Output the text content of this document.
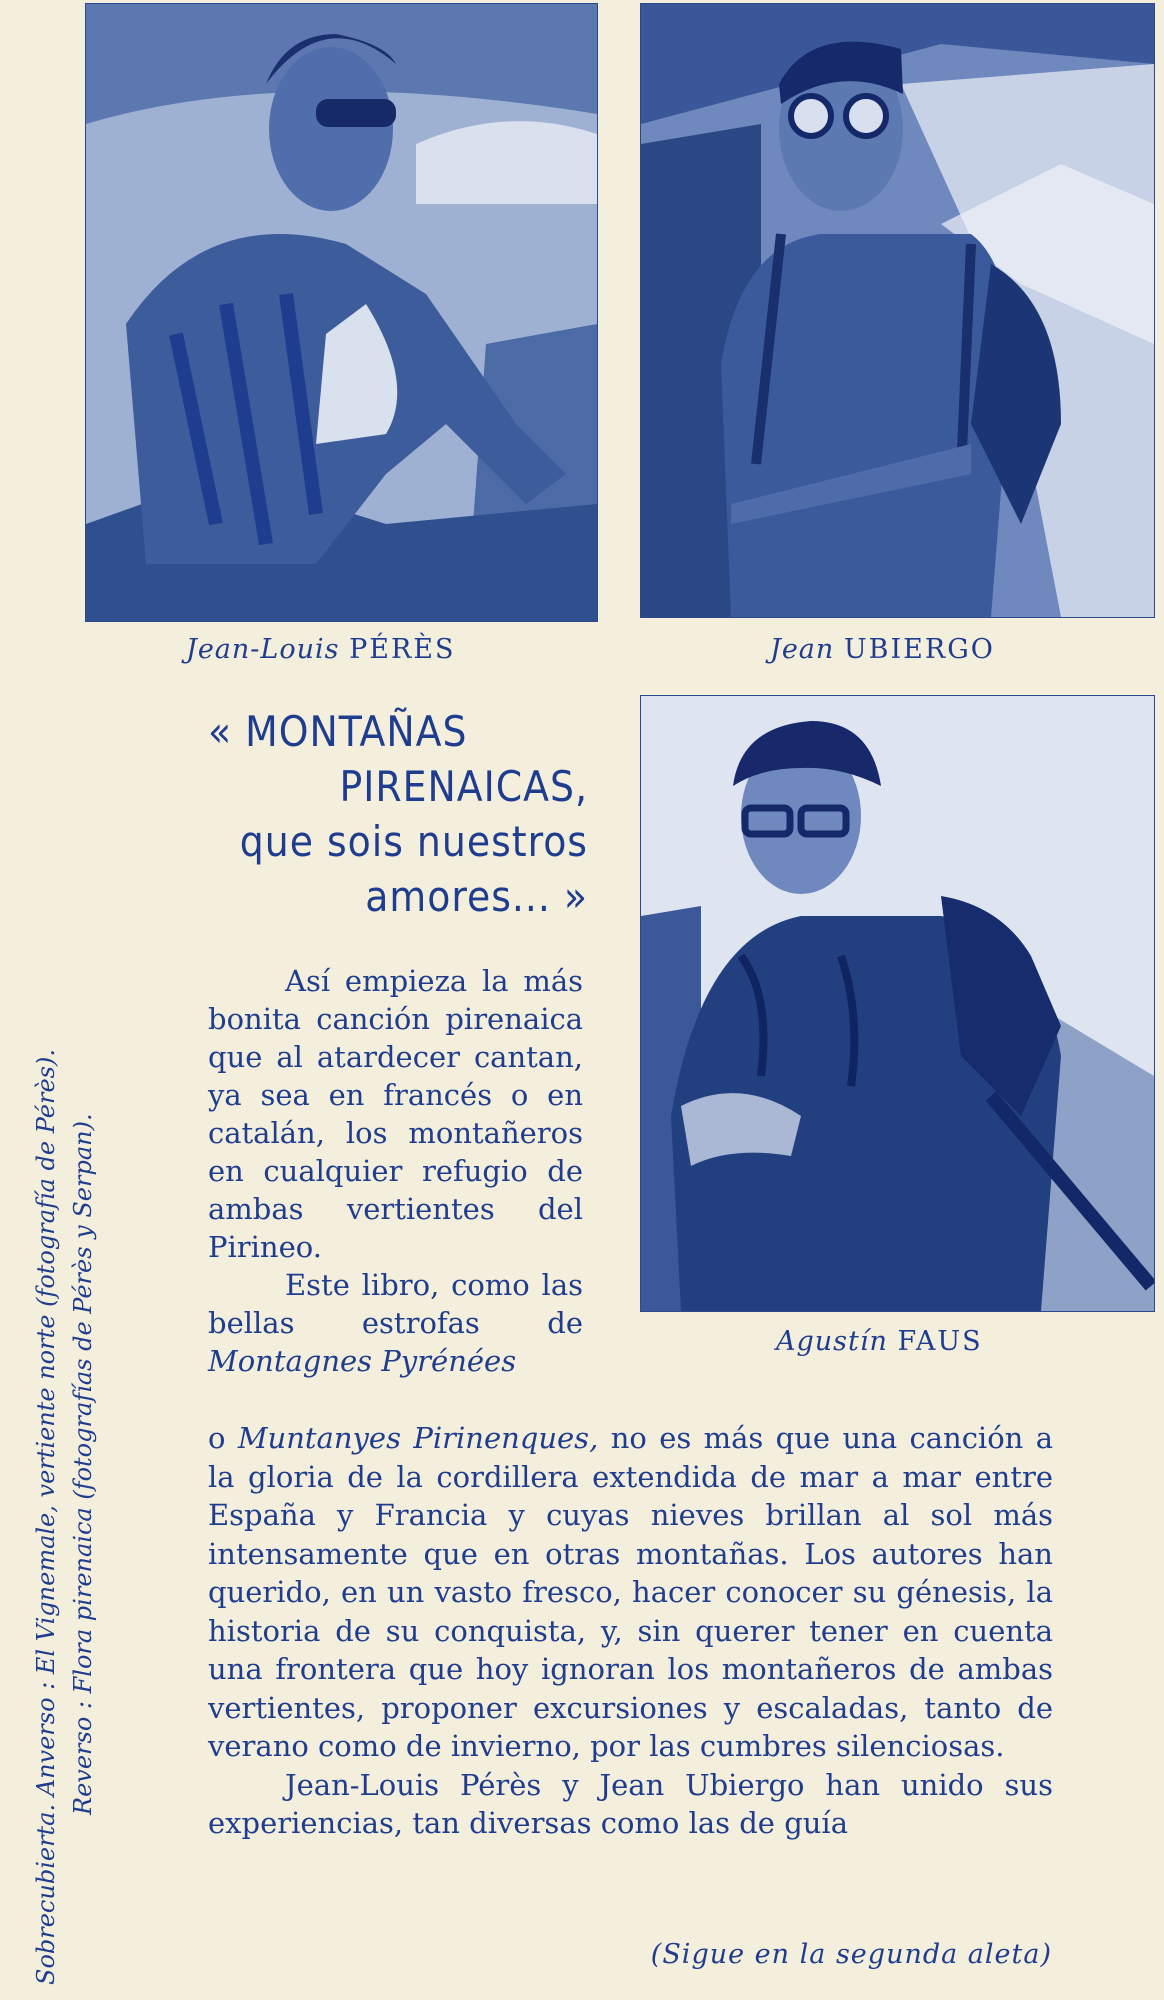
Jean-Louis PÉRÈS	Jean UBIERGO
Agustín FAUS
Sobrecubierta. Anverso : El Vignemale, vertiente norte (fotografía de Pérès). Reverso : Flora pirenaica (fotografías de Pérès y Serpan).
« MONTAÑAS
PIRENAICAS,
que sois nuestros
amores... »

Así empieza la más bonita canción pirenaica que al atardecer cantan, ya sea en francés o en catalán, los montañeros en cualquier refugio de ambas vertientes del Pirineo.

Este libro, como las bellas estrofas de Montagnes Pyrénées

o Muntanyes Pirinenques, no es más que una canción a la gloria de la cordillera extendida de mar a mar entre España y Francia y cuyas nieves brillan al sol más intensamente que en otras montañas. Los autores han querido, en un vasto fresco, hacer conocer su génesis, la historia de su conquista, y, sin querer tener en cuenta una frontera que hoy ignoran los montañeros de ambas vertientes, proponer excursiones y escaladas, tanto de verano como de invierno, por las cumbres silenciosas.

Jean-Louis Pérès y Jean Ubiergo han unido sus experiencias, tan diversas como las de guía

(Sigue en la segunda aleta)
